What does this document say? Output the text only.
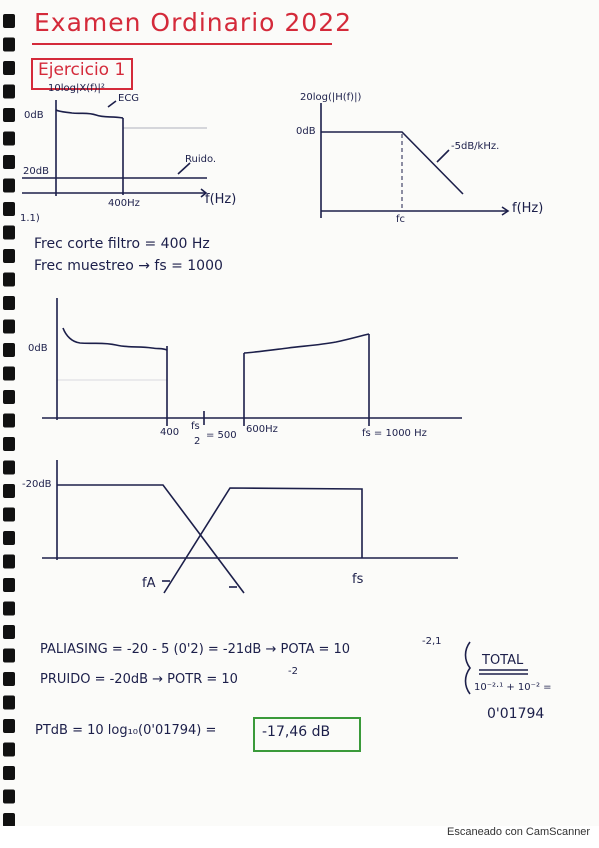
Examen Ordinario 2022
Ejercicio 1
10log|X(f)|²
ECG
Ruido.
0dB
20dB
400Hz	f(Hz)
20log(|H(f)|)
0dB
-5dB/kHz.
fc
f(Hz)
1.1)
Frec corte filtro = 400 Hz
Frec muestreo → fs = 1000
0dB
400
fs
2
= 500
600Hz	fs = 1000 Hz
-20dB
fA	fs
PALIASING = -20 - 5 (0'2) = -21dB → POTA = 10
-2,1
PRUIDO = -20dB → POTR = 10
-2
TOTAL
10⁻²·¹ + 10⁻² =
0'01794
PTdB = 10 log₁₀(0'01794) =	-17,46 dB
Escaneado con CamScanner
